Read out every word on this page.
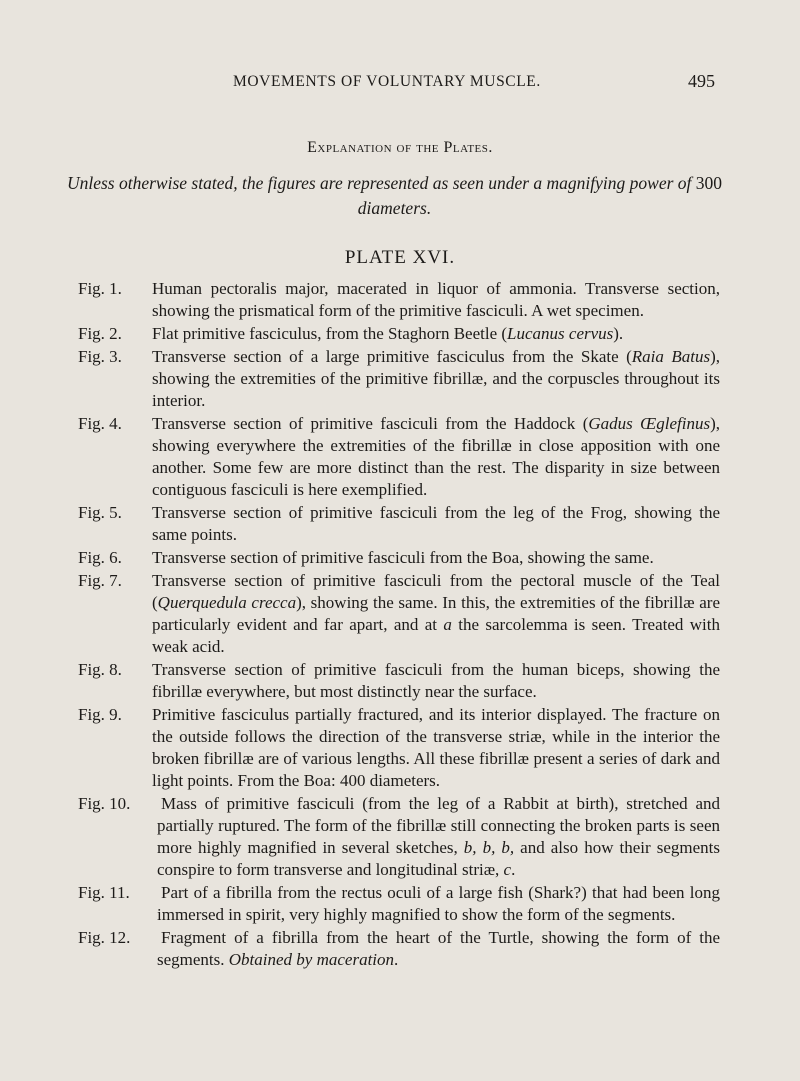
MOVEMENTS OF VOLUNTARY MUSCLE.	495
Explanation of the Plates.
Unless otherwise stated, the figures are represented as seen under a magnifying power of 300 diameters.
PLATE XVI.
Fig. 1.	Human pectoralis major, macerated in liquor of ammonia. Transverse section, showing the prismatical form of the primitive fasciculi. A wet specimen.
Fig. 2.	Flat primitive fasciculus, from the Staghorn Beetle (Lucanus cervus).
Fig. 3.	Transverse section of a large primitive fasciculus from the Skate (Raia Batus), showing the extremities of the primitive fibrillæ, and the corpuscles throughout its interior.
Fig. 4.	Transverse section of primitive fasciculi from the Haddock (Gadus Œglefinus), showing everywhere the extremities of the fibrillæ in close apposition with one another. Some few are more distinct than the rest. The disparity in size between contiguous fasciculi is here exemplified.
Fig. 5.	Transverse section of primitive fasciculi from the leg of the Frog, showing the same points.
Fig. 6.	Transverse section of primitive fasciculi from the Boa, showing the same.
Fig. 7.	Transverse section of primitive fasciculi from the pectoral muscle of the Teal (Querquedula crecca), showing the same. In this, the extremities of the fibrillæ are particularly evident and far apart, and at a the sarcolemma is seen. Treated with weak acid.
Fig. 8.	Transverse section of primitive fasciculi from the human biceps, showing the fibrillæ everywhere, but most distinctly near the surface.
Fig. 9.	Primitive fasciculus partially fractured, and its interior displayed. The fracture on the outside follows the direction of the transverse striæ, while in the interior the broken fibrillæ are of various lengths. All these fibrillæ present a series of dark and light points. From the Boa: 400 diameters.
Fig. 10.	Mass of primitive fasciculi (from the leg of a Rabbit at birth), stretched and partially ruptured. The form of the fibrillæ still connecting the broken parts is seen more highly magnified in several sketches, b, b, b, and also how their segments conspire to form transverse and longitudinal striæ, c.
Fig. 11.	Part of a fibrilla from the rectus oculi of a large fish (Shark?) that had been long immersed in spirit, very highly magnified to show the form of the segments.
Fig. 12.	Fragment of a fibrilla from the heart of the Turtle, showing the form of the segments. Obtained by maceration.
